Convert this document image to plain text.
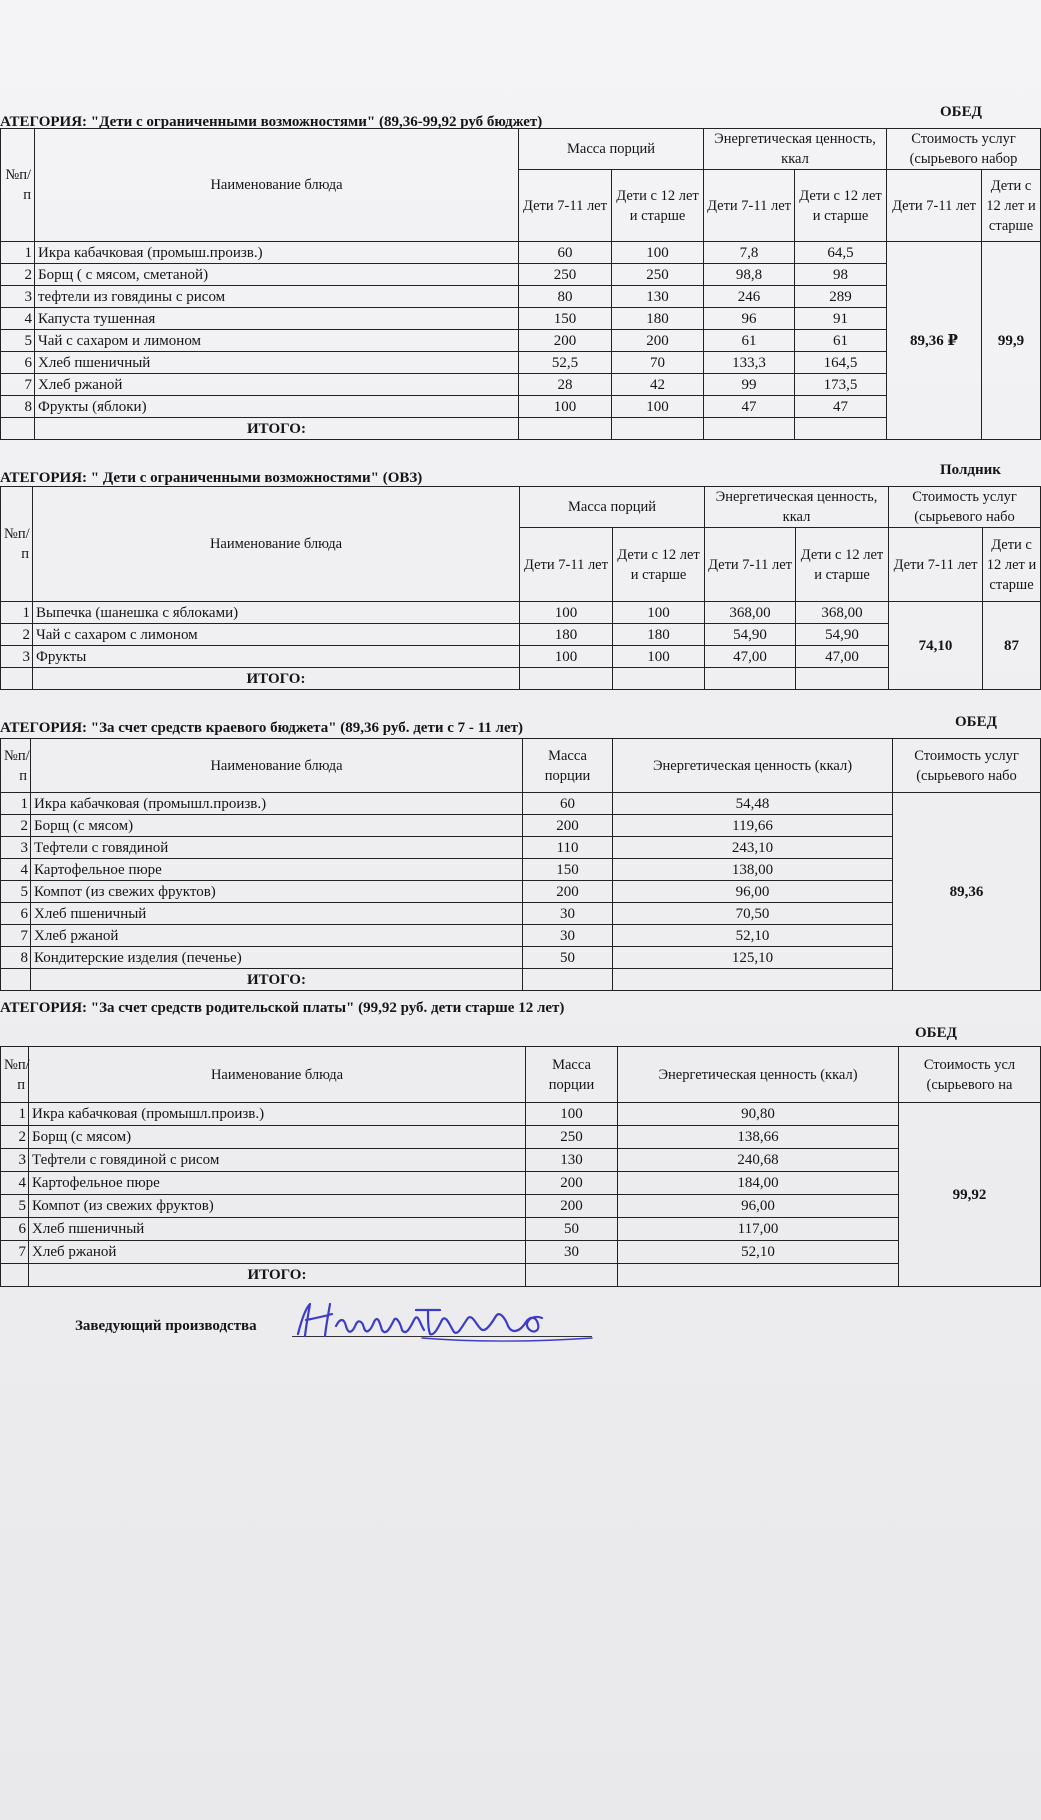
АТЕГОРИЯ: "Дети с ограниченными возможностями" (89,36-99,92 руб бюджет)
ОБЕД
№п/п	Наименование блюда	Масса порций		Энергетическая ценность, ккал		Стоимость услуг (сырьевого набор	
		Дети 7-11 лет	Дети с 12 лет и старше	Дети 7-11 лет	Дети с 12 лет и старше	Дети 7-11 лет	Дети с 12 лет и старше
1	Икра кабачковая (промыш.произв.)	60	100	7,8	64,5	89,36 ₽	99,9
2	Борщ ( с мясом, сметаной)	250	250	98,8	98		
3	тефтели из говядины с рисом	80	130	246	289		
4	Капуста тушенная	150	180	96	91		
5	Чай с сахаром и лимоном	200	200	61	61		
6	Хлеб пшеничный	52,5	70	133,3	164,5		
7	Хлеб ржаной	28	42	99	173,5		
8	Фрукты (яблоки)	100	100	47	47		
	ИТОГО:						
АТЕГОРИЯ: " Дети с ограниченными возможностями" (ОВЗ)	Полдник
№п/п	Наименование блюда	Масса порций		Энергетическая ценность, ккал		Стоимость услуг (сырьевого набо	
		Дети 7-11 лет	Дети с 12 лет и старше	Дети 7-11 лет	Дети с 12 лет и старше	Дети 7-11 лет	Дети с 12 лет и старше
1	Выпечка (шанешка с яблоками)	100	100	368,00	368,00	74,10	87
2	Чай с сахаром с лимоном	180	180	54,90	54,90		
3	Фрукты	100	100	47,00	47,00		
	ИТОГО:						
АТЕГОРИЯ: "За счет средств краевого бюджета" (89,36 руб. дети с 7 - 11 лет)	ОБЕД
№п/п	Наименование блюда	Масса порции	Энергетическая ценность (ккал)	Стоимость услуг (сырьевого набо
1	Икра кабачковая (промышл.произв.)	60	54,48	89,36
2	Борщ (с мясом)	200	119,66	
3	Тефтели с говядиной	110	243,10	
4	Картофельное пюре	150	138,00	
5	Компот (из свежих фруктов)	200	96,00	
6	Хлеб пшеничный	30	70,50	
7	Хлеб ржаной	30	52,10	
8	Кондитерские изделия (печенье)	50	125,10	
	ИТОГО:			
АТЕГОРИЯ: "За счет средств родительской платы" (99,92 руб. дети старше 12 лет)
ОБЕД
№п/п	Наименование блюда	Масса порции	Энергетическая ценность (ккал)	Стоимость усл (сырьевого на
1	Икра кабачковая (промышл.произв.)	100	90,80	99,92
2	Борщ (с мясом)	250	138,66	
3	Тефтели с говядиной с рисом	130	240,68	
4	Картофельное пюре	200	184,00	
5	Компот (из свежих фруктов)	200	96,00	
6	Хлеб пшеничный	50	117,00	
7	Хлеб ржаной	30	52,10	
	ИТОГО:			
Заведующий производства
